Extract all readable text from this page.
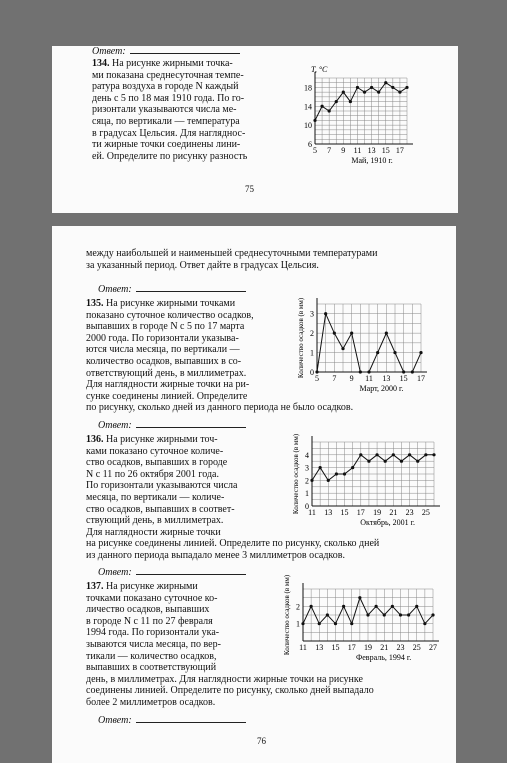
Ответ:
134. На рисунке жирными точка-
ми показана среднесуточная темпе-
ратура воздуха в городе N каждый
день с 5 по 18 мая 1910 года. По го-
ризонтали указываются числа ме-
сяца, по вертикали — температура
в градусах Цельсия. Для нагляднос-
ти жирные точки соединены лини-
ей. Определите по рисунку разность
5 7 9 11 13 15 17
6
10
14
18
T, °C
Май, 1910 г.
75
между наибольшей и наименьшей среднесуточными температурами
за указанный период. Ответ дайте в градусах Цельсия.
Ответ:
135. На рисунке жирными точками
показано суточное количество осадков,
выпавших в городе N с 5 по 17 марта
2000 года. По горизонтали указыва-
ются числа месяца, по вертикали —
количество осадков, выпавших в со-
ответствующий день, в миллиметрах.
Для наглядности жирные точки на ри-
сунке соединены линией. Определите
по рисунку, сколько дней из данного периода не было осадков.
5 7 9 11 13 15 17
0
1
2
3
Количество осадков (в мм)
Март, 2000 г.
Ответ:
136. На рисунке жирными точ-
ками показано суточное количе-
ство осадков, выпавших в городе
N с 11 по 26 октября 2001 года.
По горизонтали указываются числа
месяца, по вертикали — количе-
ство осадков, выпавших в соответ-
ствующий день, в миллиметрах.
Для наглядности жирные точки
на рисунке соединены линией. Определите по рисунку, сколько дней
из данного периода выпадало менее 3 миллиметров осадков.
11 13 15 17 19 21 23 25
0
1
2
3
4
Количество осадков (в мм)
Октябрь, 2001 г.
Ответ:
137. На рисунке жирными
точками показано суточное ко-
личество осадков, выпавших
в городе N с 11 по 27 февраля
1994 года. По горизонтали ука-
зываются числа месяца, по вер-
тикали — количество осадков,
выпавших в соответствующий
день, в миллиметрах. Для наглядности жирные точки на рисунке
соединены линией. Определите по рисунку, сколько дней выпадало
более 2 миллиметров осадков.
11 13 15 17 19 21 23 25 27
1
2
Количество осадков (в мм)
Февраль, 1994 г.
Ответ:
76
